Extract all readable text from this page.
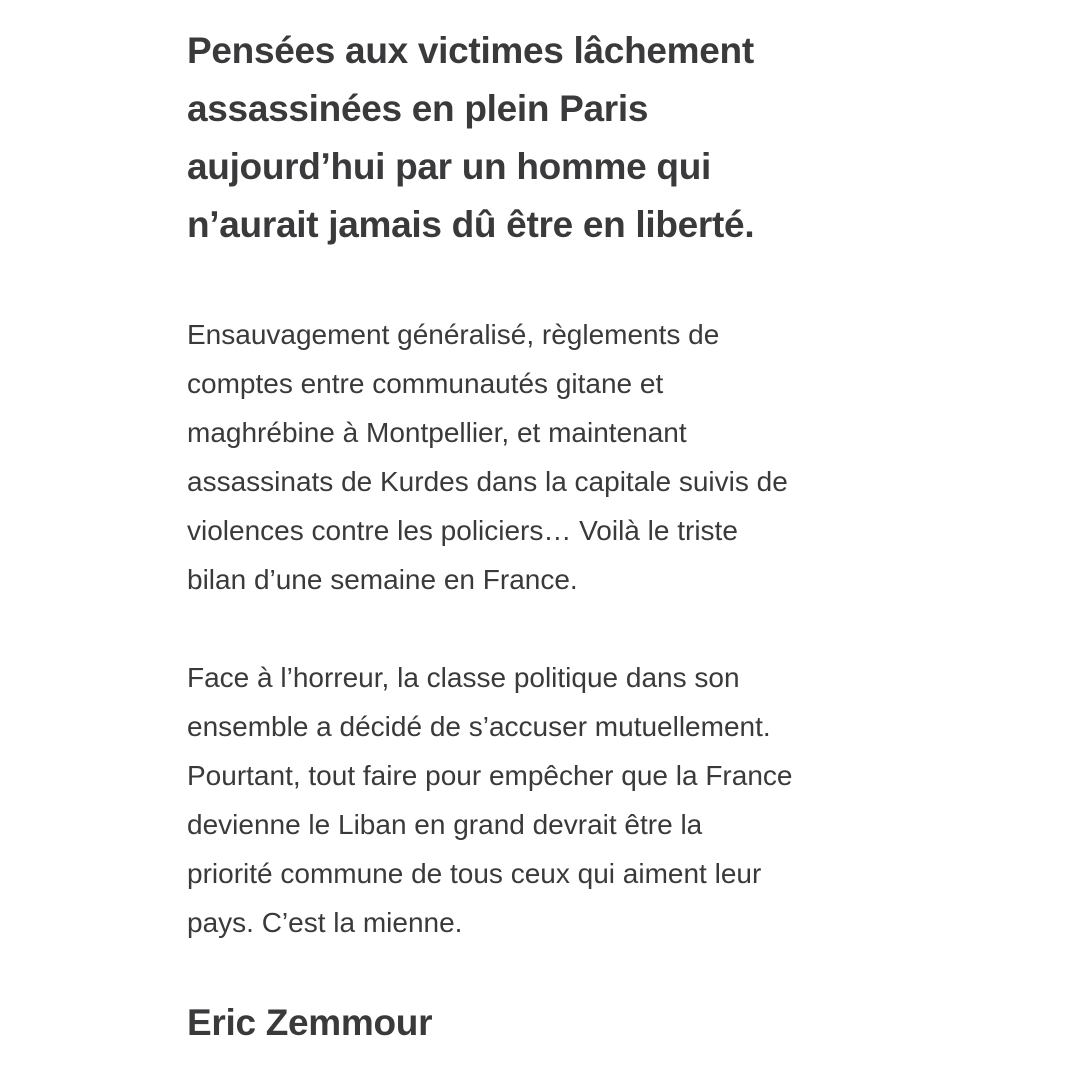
Pensées aux victimes lâchement
assassinées en plein Paris
aujourd’hui par un homme qui
n’aurait jamais dû être en liberté.

Ensauvagement généralisé, règlements de
comptes entre communautés gitane et
maghrébine à Montpellier, et maintenant
assassinats de Kurdes dans la capitale suivis de
violences contre les policiers… Voilà le triste
bilan d’une semaine en France.

Face à l’horreur, la classe politique dans son
ensemble a décidé de s’accuser mutuellement.
Pourtant, tout faire pour empêcher que la France
devienne le Liban en grand devrait être la
priorité commune de tous ceux qui aiment leur
pays. C’est la mienne.

Eric Zemmour
